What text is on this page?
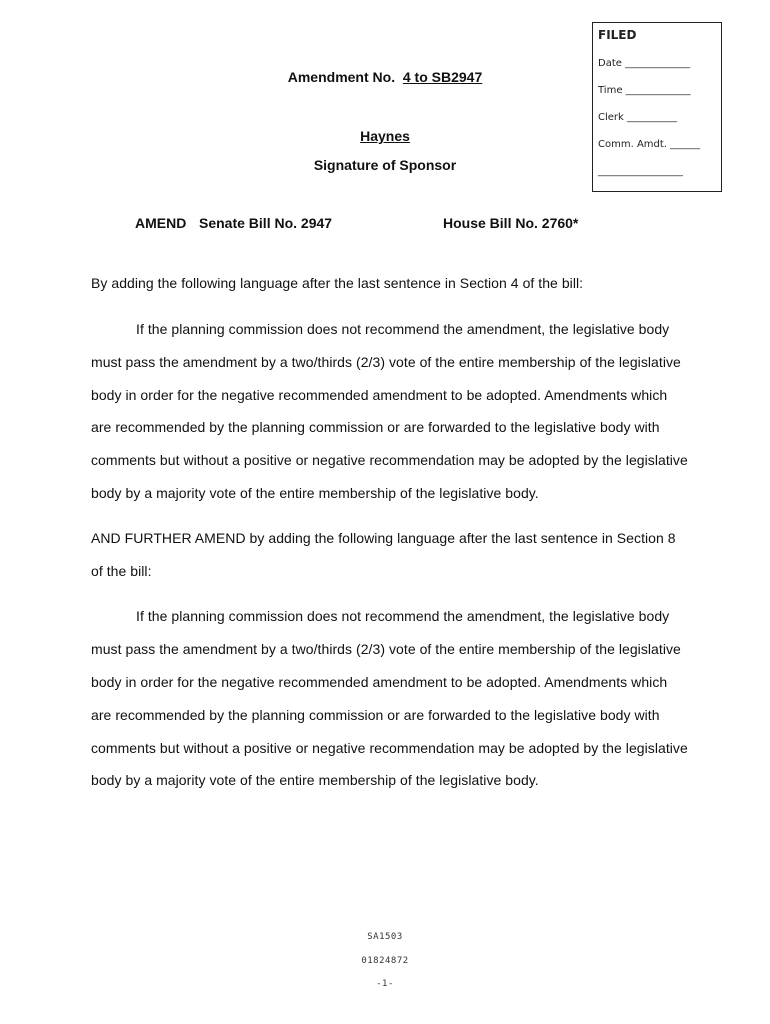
FILED
Date _____________
Time _____________
Clerk __________
Comm. Amdt. ______
_________________
Amendment No. 4 to SB2947
Haynes
Signature of Sponsor
AMEND Senate Bill No. 2947	House Bill No. 2760*
By adding the following language after the last sentence in Section 4 of the bill:
If the planning commission does not recommend the amendment, the legislative body
must pass the amendment by a two/thirds (2/3) vote of the entire membership of the legislative
body in order for the negative recommended amendment to be adopted. Amendments which
are recommended by the planning commission or are forwarded to the legislative body with
comments but without a positive or negative recommendation may be adopted by the legislative
body by a majority vote of the entire membership of the legislative body.
AND FURTHER AMEND by adding the following language after the last sentence in Section 8
of the bill:
If the planning commission does not recommend the amendment, the legislative body
must pass the amendment by a two/thirds (2/3) vote of the entire membership of the legislative
body in order for the negative recommended amendment to be adopted. Amendments which
are recommended by the planning commission or are forwarded to the legislative body with
comments but without a positive or negative recommendation may be adopted by the legislative
body by a majority vote of the entire membership of the legislative body.
SA1503
01824872
-1-
